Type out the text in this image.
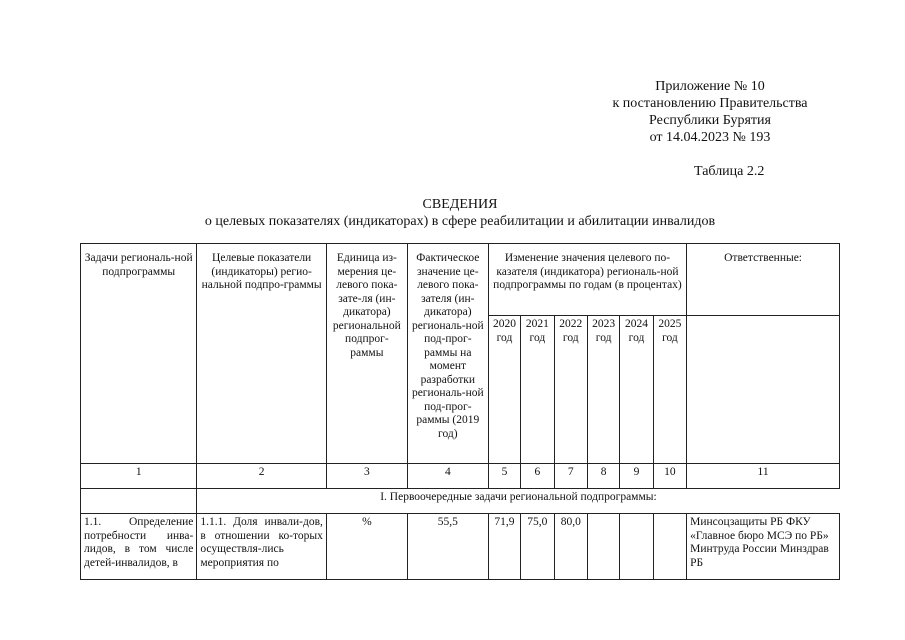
Приложение № 10
к постановлению Правительства
Республики Бурятия
от 14.04.2023 № 193
Таблица 2.2
СВЕДЕНИЯ
о целевых показателях (индикаторах) в сфере реабилитации и абилитации инвалидов
Задачи региональ-ной подпрограммы	Целевые показатели (индикаторы) регио-нальной подпро-граммы	Единица из-мерения це-левого пока-зате-ля (ин-дикатора) региональной подпрог-раммы	Фактическое значение це-левого пока-зателя (ин-дикатора) региональ-ной под-прог-раммы на момент разработки региональ-ной под-прог-раммы (2019 год)	Изменение значения целевого по-казателя (индикатора) региональ-ной подпрограммы по годам (в процентах)						Ответственные:
				2020 год	2021 год	2022 год	2023 год	2024 год	2025 год	
1	2	3	4	5	6	7	8	9	10	11
	I. Первоочередные задачи региональной подпрограммы:									
1.1. Определение потребности инва-лидов, в том числе детей-инвалидов, в	1.1.1. Доля инвали-дов, в отношении ко-торых осуществля-лись мероприятия по	%	55,5	71,9	75,0	80,0				Минсоцзащиты РБ ФКУ «Главное бюро МСЭ по РБ» Минтруда России Минздрав РБ
